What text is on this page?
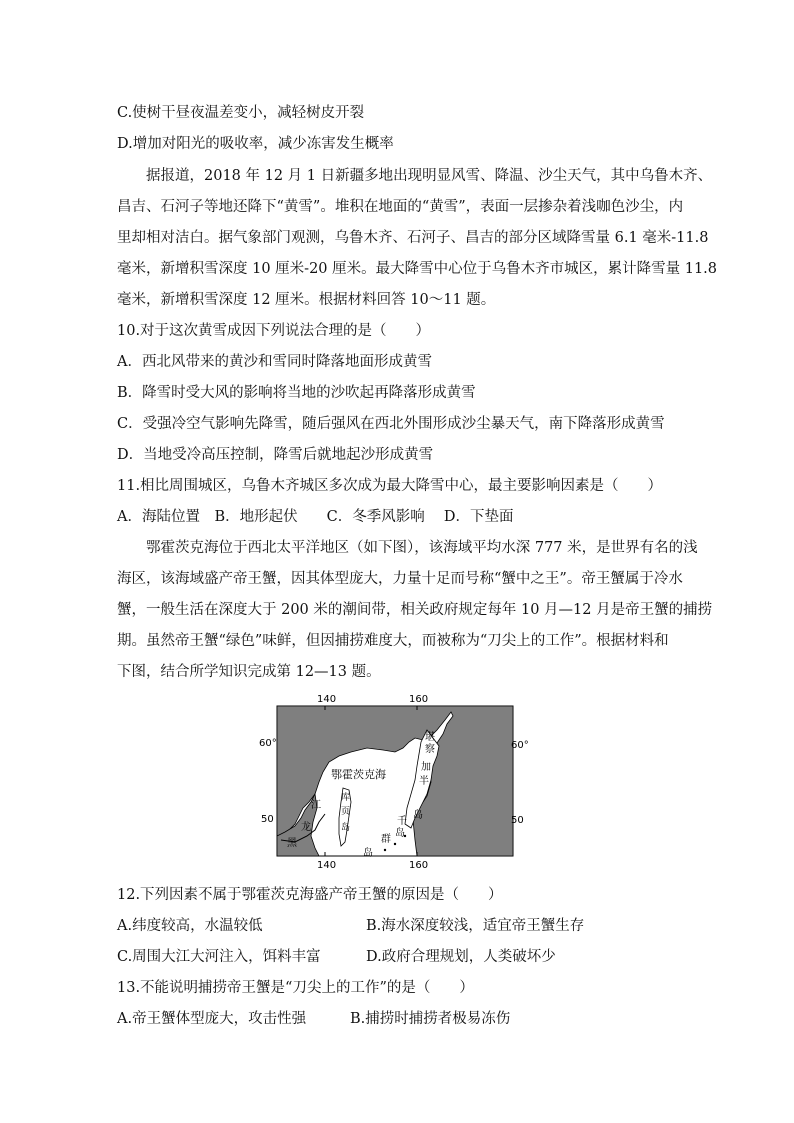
C.使树干昼夜温差变小，减轻树皮开裂
D.增加对阳光的吸收率，减少冻害发生概率
据报道，2018 年 12 月 1 日新疆多地出现明显风雪、降温、沙尘天气，其中乌鲁木齐、
昌吉、石河子等地还降下“黄雪”。堆积在地面的“黄雪”，表面一层掺杂着浅咖色沙尘，内
里却相对洁白。据气象部门观测，乌鲁木齐、石河子、昌吉的部分区域降雪量 6.1 毫米-11.8
毫米，新增积雪深度 10 厘米-20 厘米。最大降雪中心位于乌鲁木齐市城区，累计降雪量 11.8
毫米，新增积雪深度 12 厘米。根据材料回答 10～11 题。
10.对于这次黄雪成因下列说法合理的是（　　）
A．西北风带来的黄沙和雪同时降落地面形成黄雪
B．降雪时受大风的影响将当地的沙吹起再降落形成黄雪
C．受强冷空气影响先降雪，随后强风在西北外围形成沙尘暴天气，南下降落形成黄雪
D．当地受冷高压控制，降雪后就地起沙形成黄雪
11.相比周围城区，乌鲁木齐城区多次成为最大降雪中心，最主要影响因素是（　　）
A．海陆位置　B．地形起伏　　C．冬季风影响　 D．下垫面
鄂霍茨克海位于西北太平洋地区（如下图），该海域平均水深 777 米，是世界有名的浅
海区，该海域盛产帝王蟹，因其体型庞大，力量十足而号称“蟹中之王”。帝王蟹属于冷水
蟹，一般生活在深度大于 200 米的潮间带，相关政府规定每年 10 月—12 月是帝王蟹的捕捞
期。虽然帝王蟹“绿色”味鲜，但因捕捞难度大，而被称为“刀尖上的工作”。根据材料和
下图，结合所学知识完成第 12—13 题。
140	160
140	160
60°	60°
50	50
鄂霍茨克海
堪
察
加
半
岛
江
龙
黑
库
页
岛
千
岛
群
岛
12.下列因素不属于鄂霍茨克海盛产帝王蟹的原因是（　　）
A.纬度较高，水温较低	B.海水深度较浅，适宜帝王蟹生存
C.周围大江大河注入，饵料丰富	D.政府合理规划，人类破坏少
13.不能说明捕捞帝王蟹是“刀尖上的工作”的是（　　）
A.帝王蟹体型庞大，攻击性强	B.捕捞时捕捞者极易冻伤
